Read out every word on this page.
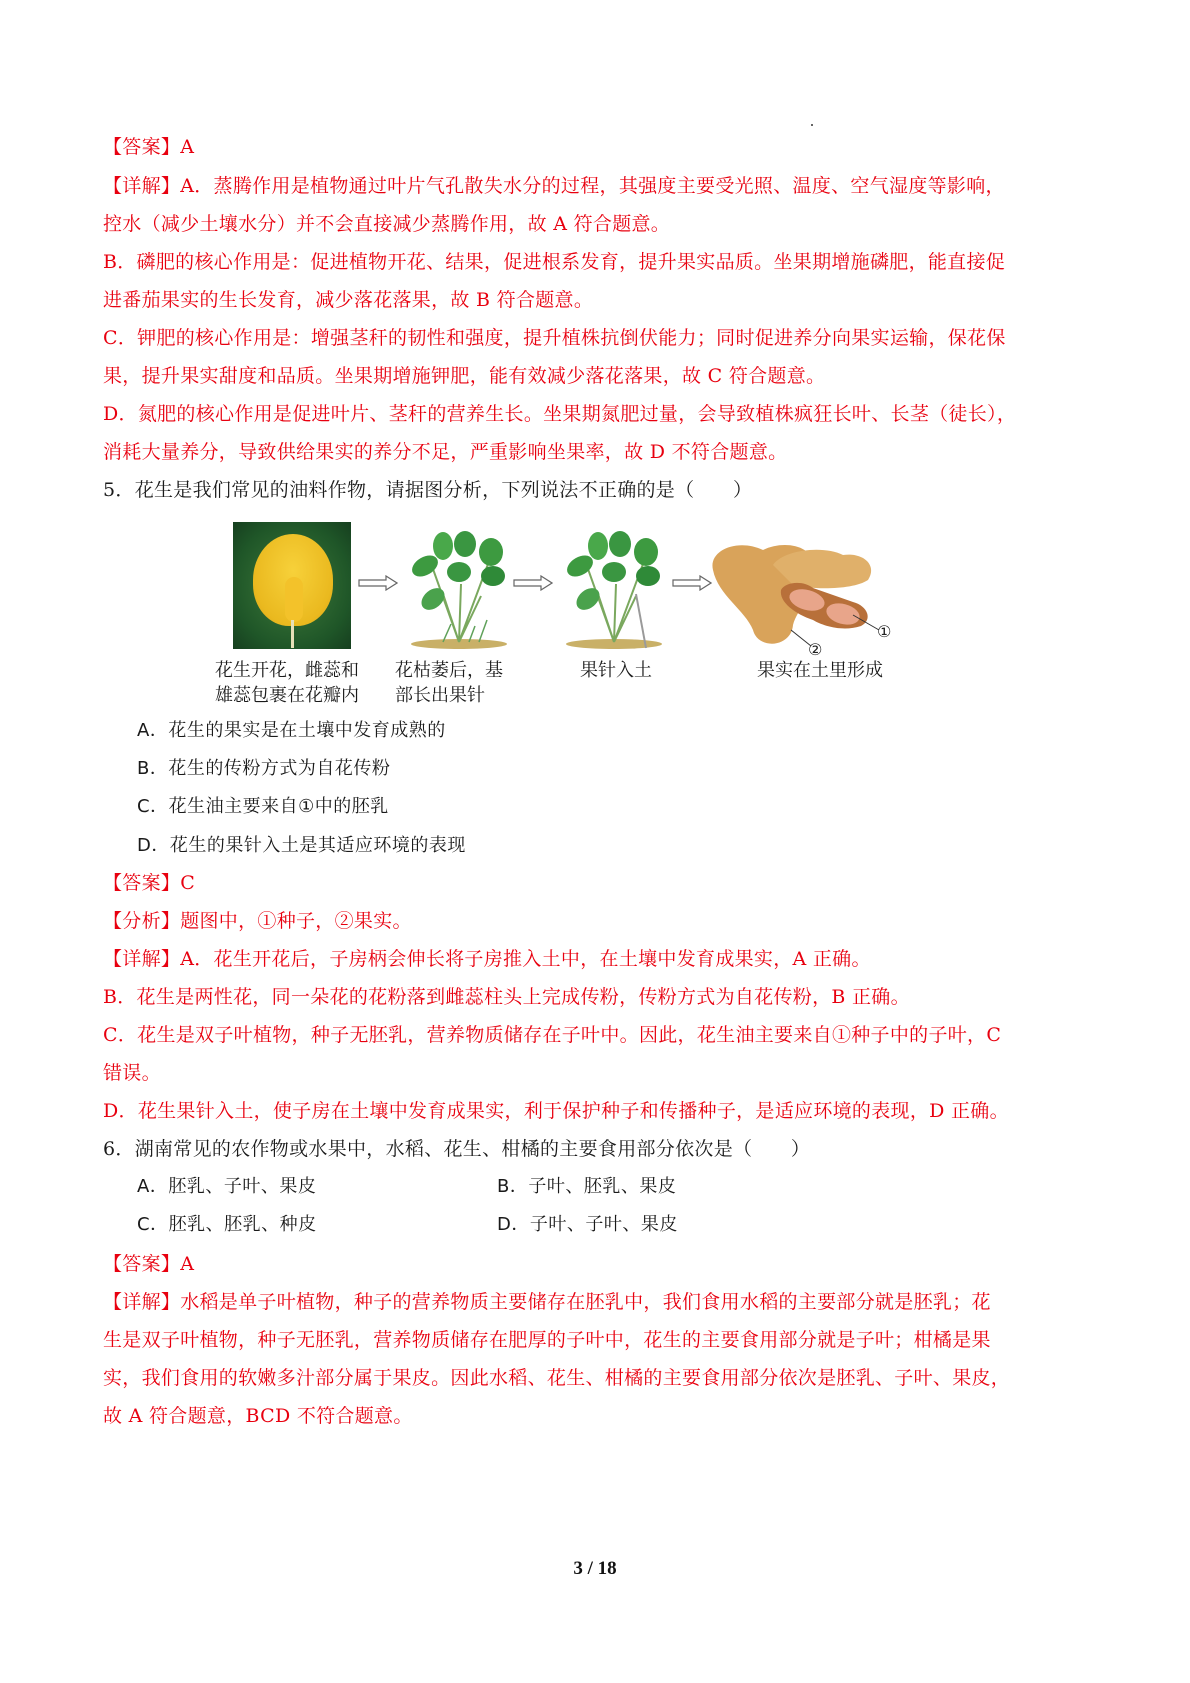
【答案】A
【详解】A．蒸腾作用是植物通过叶片气孔散失水分的过程，其强度主要受光照、温度、空气湿度等影响，
控水（减少土壤水分）并不会直接减少蒸腾作用，故 A 符合题意。
B．磷肥的核心作用是：促进植物开花、结果，促进根系发育，提升果实品质。坐果期增施磷肥，能直接促
进番茄果实的生长发育，减少落花落果，故 B 符合题意。
C．钾肥的核心作用是：增强茎秆的韧性和强度，提升植株抗倒伏能力；同时促进养分向果实运输，保花保
果，提升果实甜度和品质。坐果期增施钾肥，能有效减少落花落果，故 C 符合题意。
D．氮肥的核心作用是促进叶片、茎秆的营养生长。坐果期氮肥过量，会导致植株疯狂长叶、长茎（徒长），
消耗大量养分，导致供给果实的养分不足，严重影响坐果率，故 D 不符合题意。
5．花生是我们常见的油料作物，请据图分析，下列说法不正确的是（　　）
②
①
花生开花，雌蕊和
雄蕊包裹在花瓣内
花枯萎后，基
部长出果针
果针入土	果实在土里形成
A．花生的果实是在土壤中发育成熟的
B．花生的传粉方式为自花传粉
C．花生油主要来自①中的胚乳
D．花生的果针入土是其适应环境的表现
【答案】C
【分析】题图中，①种子，②果实。
【详解】A．花生开花后，子房柄会伸长将子房推入土中，在土壤中发育成果实，A 正确。
B．花生是两性花，同一朵花的花粉落到雌蕊柱头上完成传粉，传粉方式为自花传粉，B 正确。
C．花生是双子叶植物，种子无胚乳，营养物质储存在子叶中。因此，花生油主要来自①种子中的子叶，C
错误。
D．花生果针入土，使子房在土壤中发育成果实，利于保护种子和传播种子，是适应环境的表现，D 正确。
6．湖南常见的农作物或水果中，水稻、花生、柑橘的主要食用部分依次是（　　）
A．胚乳、子叶、果皮	B．子叶、胚乳、果皮
C．胚乳、胚乳、种皮	D．子叶、子叶、果皮
【答案】A
【详解】水稻是单子叶植物，种子的营养物质主要储存在胚乳中，我们食用水稻的主要部分就是胚乳；花
生是双子叶植物，种子无胚乳，营养物质储存在肥厚的子叶中，花生的主要食用部分就是子叶；柑橘是果
实，我们食用的软嫩多汁部分属于果皮。因此水稻、花生、柑橘的主要食用部分依次是胚乳、子叶、果皮，
故 A 符合题意，BCD 不符合题意。
3 / 18
